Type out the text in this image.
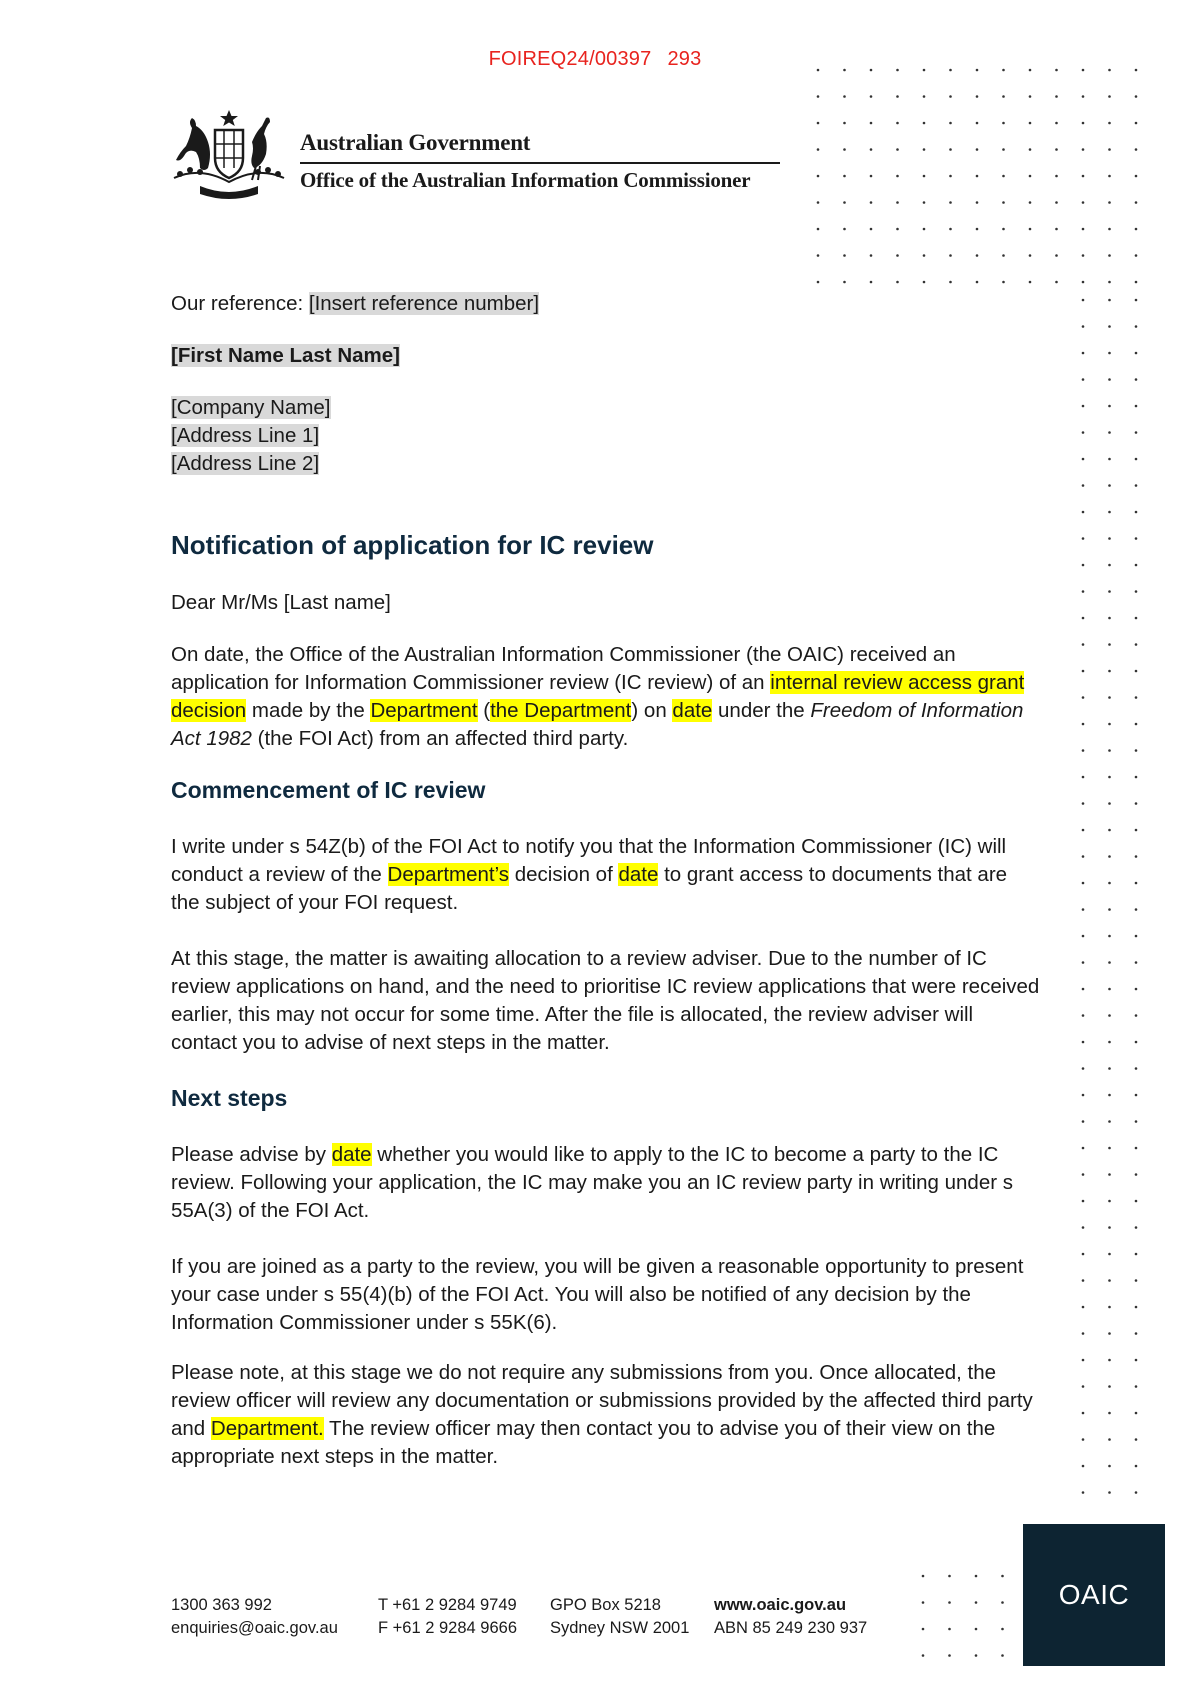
FOIREQ24/00397 293
Australian Government
Office of the Australian Information Commissioner
Our reference: [Insert reference number]
[First Name Last Name]
[Company Name]
[Address Line 1]
[Address Line 2]
Notification of application for IC review

Dear Mr/Ms [Last name]

On date, the Office of the Australian Information Commissioner (the OAIC) received an application for Information Commissioner review (IC review) of an internal review access grant decision made by the Department (the Department) on date under the Freedom of Information Act 1982 (the FOI Act) from an affected third party.

Commencement of IC review

I write under s 54Z(b) of the FOI Act to notify you that the Information Commissioner (IC) will conduct a review of the Department’s decision of date to grant access to documents that are the subject of your FOI request.

At this stage, the matter is awaiting allocation to a review adviser. Due to the number of IC review applications on hand, and the need to prioritise IC review applications that were received earlier, this may not occur for some time. After the file is allocated, the review adviser will contact you to advise of next steps in the matter.

Next steps

Please advise by date whether you would like to apply to the IC to become a party to the IC review. Following your application, the IC may make you an IC review party in writing under s 55A(3) of the FOI Act.

If you are joined as a party to the review, you will be given a reasonable opportunity to present your case under s 55(4)(b) of the FOI Act. You will also be notified of any decision by the Information Commissioner under s 55K(6).

Please note, at this stage we do not require any submissions from you. Once allocated, the review officer will review any documentation or submissions provided by the affected third party and Department. The review officer may then contact you to advise you of their view on the appropriate next steps in the matter.

1300 363 992
enquiries@oaic.gov.au
T +61 2 9284 9749
F +61 2 9284 9666
GPO Box 5218
Sydney NSW 2001
www.oaic.gov.au
ABN 85 249 230 937
OAIC
